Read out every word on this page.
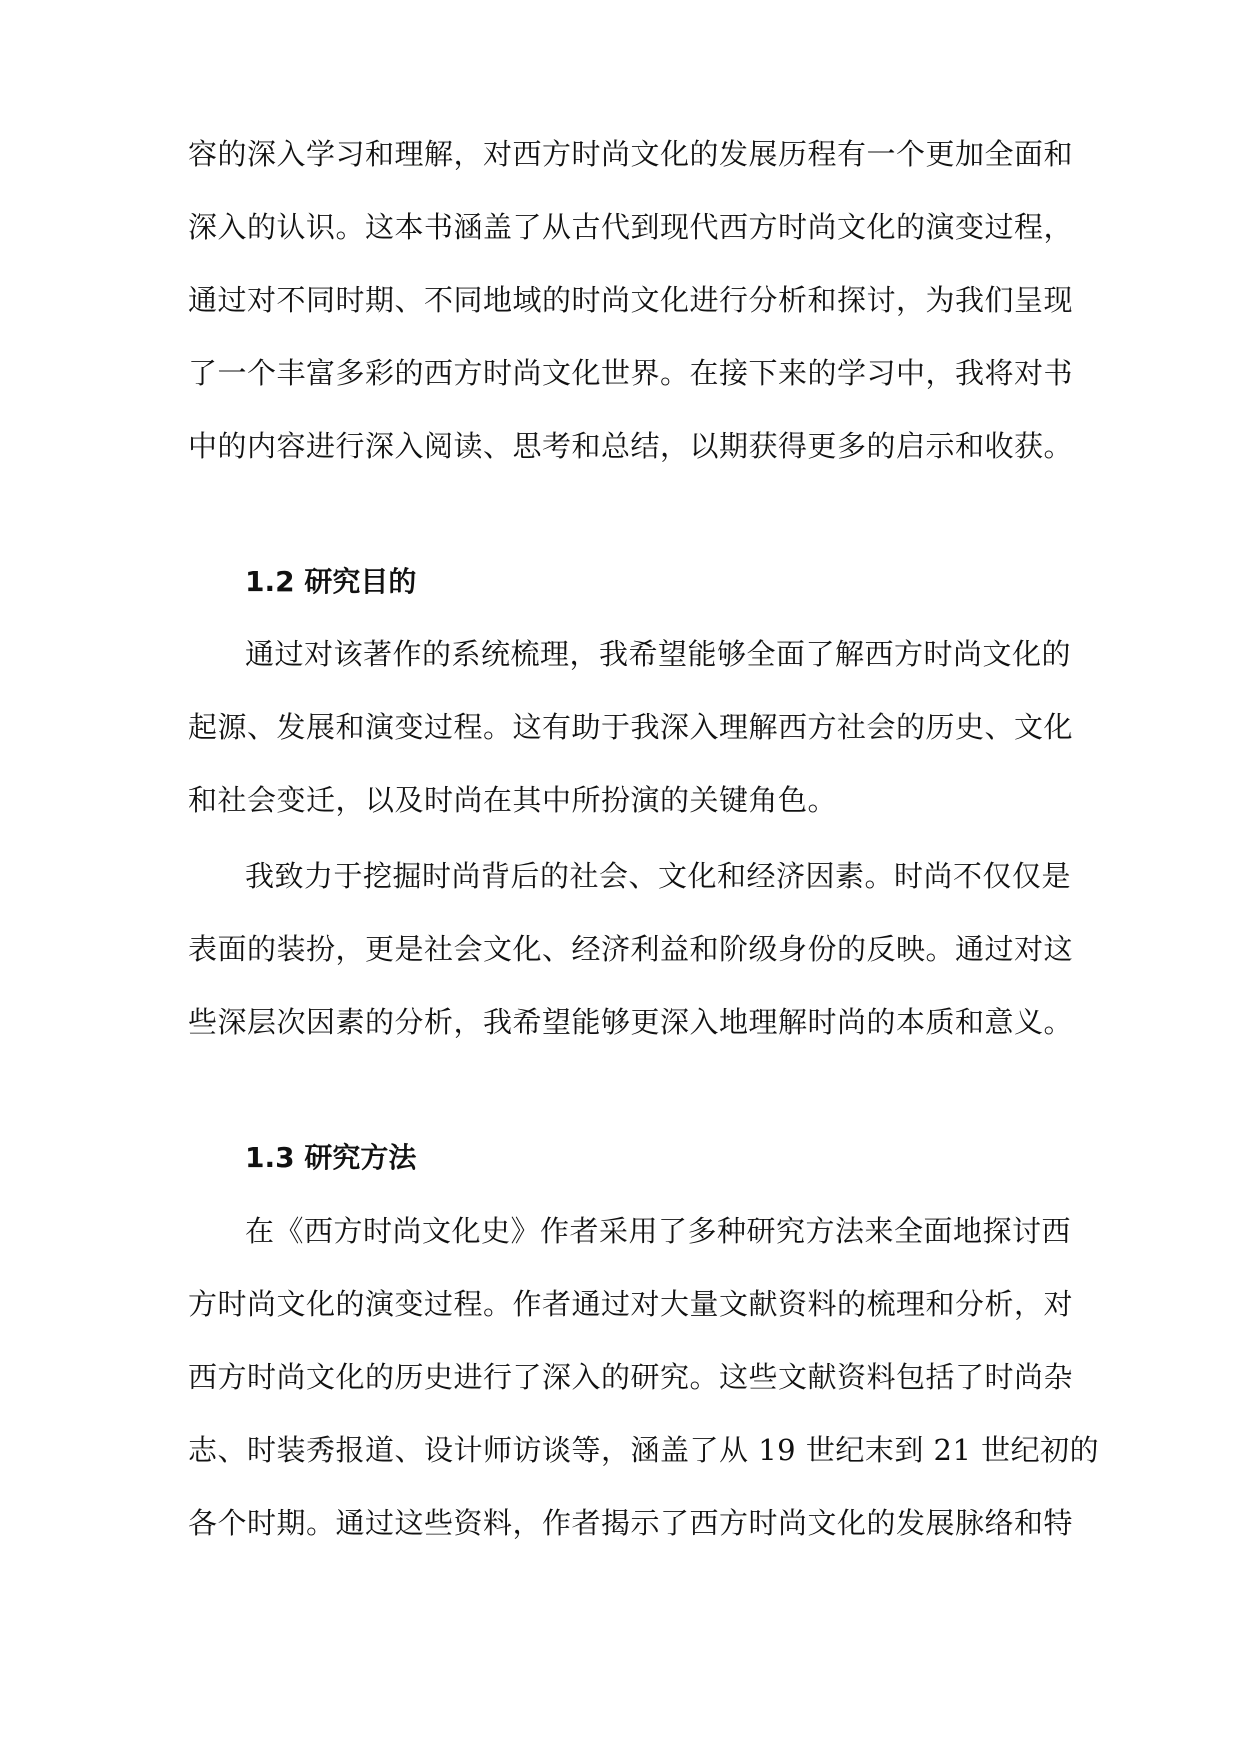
容的深入学习和理解，对西方时尚文化的发展历程有一个更加全面和
深入的认识。这本书涵盖了从古代到现代西方时尚文化的演变过程，
通过对不同时期、不同地域的时尚文化进行分析和探讨，为我们呈现
了一个丰富多彩的西方时尚文化世界。在接下来的学习中，我将对书
中的内容进行深入阅读、思考和总结，以期获得更多的启示和收获。
1.2 研究目的
通过对该著作的系统梳理，我希望能够全面了解西方时尚文化的
起源、发展和演变过程。这有助于我深入理解西方社会的历史、文化
和社会变迁，以及时尚在其中所扮演的关键角色。
我致力于挖掘时尚背后的社会、文化和经济因素。时尚不仅仅是
表面的装扮，更是社会文化、经济利益和阶级身份的反映。通过对这
些深层次因素的分析，我希望能够更深入地理解时尚的本质和意义。
1.3 研究方法
在《西方时尚文化史》作者采用了多种研究方法来全面地探讨西
方时尚文化的演变过程。作者通过对大量文献资料的梳理和分析，对
西方时尚文化的历史进行了深入的研究。这些文献资料包括了时尚杂
志、时装秀报道、设计师访谈等，涵盖了从 19 世纪末到 21 世纪初的
各个时期。通过这些资料，作者揭示了西方时尚文化的发展脉络和特
